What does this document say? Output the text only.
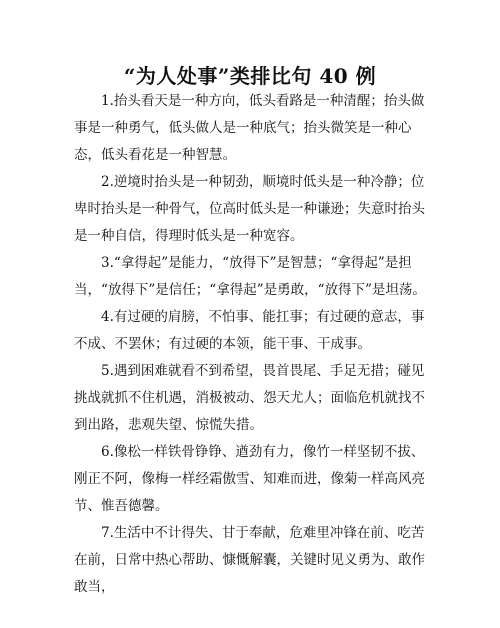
“为人处事”类排比句 40 例

1.抬头看天是一种方向，低头看路是一种清醒；抬头做事是一种勇气，低头做人是一种底气；抬头微笑是一种心态，低头看花是一种智慧。

2.逆境时抬头是一种韧劲，顺境时低头是一种冷静；位卑时抬头是一种骨气，位高时低头是一种谦逊；失意时抬头是一种自信，得理时低头是一种宽容。

3.“拿得起”是能力，“放得下”是智慧；“拿得起”是担当，“放得下”是信任；“拿得起”是勇敢，“放得下”是坦荡。

4.有过硬的肩膀，不怕事、能扛事；有过硬的意志，事不成、不罢休；有过硬的本领，能干事、干成事。

5.遇到困难就看不到希望，畏首畏尾、手足无措；碰见挑战就抓不住机遇，消极被动、怨天尤人；面临危机就找不到出路，悲观失望、惊慌失措。

6.像松一样铁骨铮铮、遒劲有力，像竹一样坚韧不拔、刚正不阿，像梅一样经霜傲雪、知难而进，像菊一样高风亮节、惟吾德馨。

7.生活中不计得失、甘于奉献，危难里冲锋在前、吃苦在前，日常中热心帮助、慷慨解囊，关键时见义勇为、敢作敢当，
